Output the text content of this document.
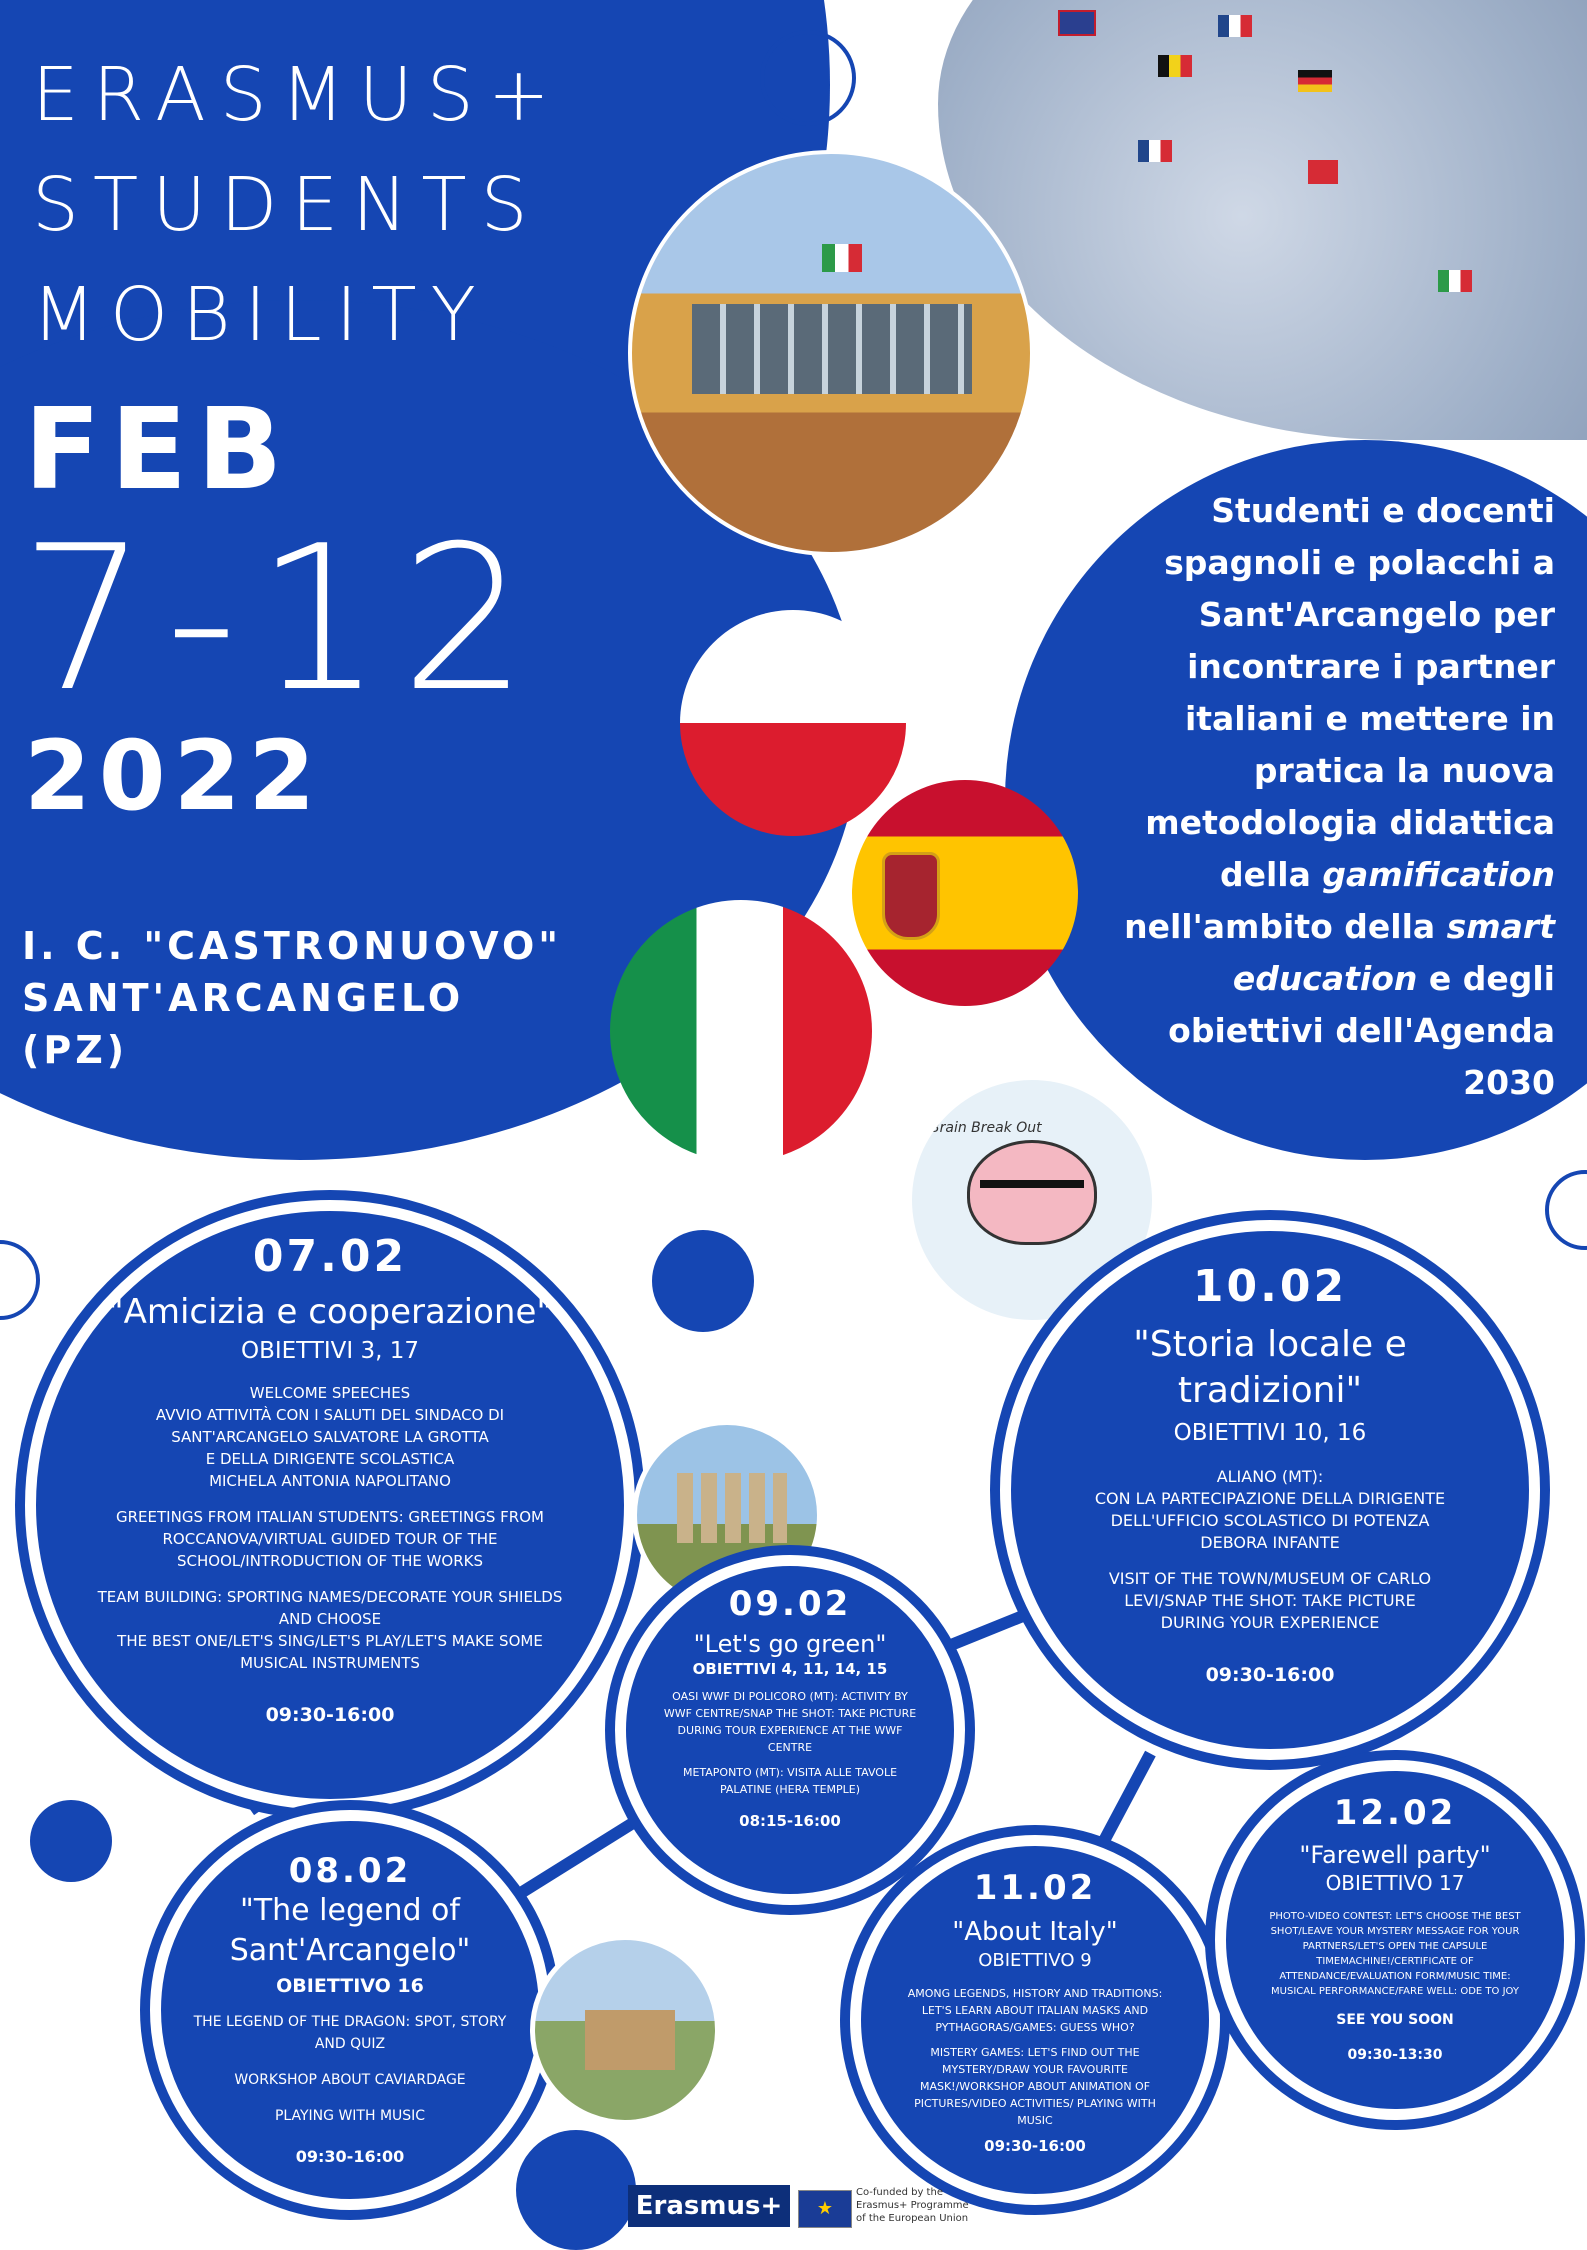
ERASMUS+
STUDENTS
MOBILITY
FEB
7-12
2022
I. C. "CASTRONUOVO" SANT'ARCANGELO (PZ)
Brain Break Out
Studenti e docenti spagnoli e polacchi a Sant'Arcangelo per incontrare i partner italiani e mettere in pratica la nuova metodologia didattica della gamification nell'ambito della smart education e degli obiettivi dell'Agenda 2030
07.02
"Amicizia e cooperazione"
OBIETTIVI 3, 17
WELCOME SPEECHES
AVVIO ATTIVITÀ CON I SALUTI DEL SINDACO DI SANT'ARCANGELO SALVATORE LA GROTTA
E DELLA DIRIGENTE SCOLASTICA
MICHELA ANTONIA NAPOLITANO
GREETINGS FROM ITALIAN STUDENTS: GREETINGS FROM ROCCANOVA/VIRTUAL GUIDED TOUR OF THE SCHOOL/INTRODUCTION OF THE WORKS
TEAM BUILDING: SPORTING NAMES/DECORATE YOUR SHIELDS AND CHOOSE
THE BEST ONE/LET'S SING/LET'S PLAY/LET'S MAKE SOME MUSICAL INSTRUMENTS
09:30-16:00
08.02
"The legend of Sant'Arcangelo"
OBIETTIVO 16
THE LEGEND OF THE DRAGON: SPOT, STORY AND QUIZ
WORKSHOP ABOUT CAVIARDAGE
PLAYING WITH MUSIC
09:30-16:00
09.02
"Let's go green"
OBIETTIVI 4, 11, 14, 15
OASI WWF DI POLICORO (MT): ACTIVITY BY WWF CENTRE/SNAP THE SHOT: TAKE PICTURE DURING TOUR EXPERIENCE AT THE WWF CENTRE
METAPONTO (MT): VISITA ALLE TAVOLE PALATINE (HERA TEMPLE)
08:15-16:00
10.02
"Storia locale e tradizioni"
OBIETTIVI 10, 16
ALIANO (MT):
CON LA PARTECIPAZIONE DELLA DIRIGENTE DELL'UFFICIO SCOLASTICO DI POTENZA
DEBORA INFANTE
VISIT OF THE TOWN/MUSEUM OF CARLO LEVI/SNAP THE SHOT: TAKE PICTURE DURING YOUR EXPERIENCE
09:30-16:00
11.02
"About Italy"
OBIETTIVO 9
AMONG LEGENDS, HISTORY AND TRADITIONS: LET'S LEARN ABOUT ITALIAN MASKS AND PYTHAGORAS/GAMES: GUESS WHO?
MISTERY GAMES: LET'S FIND OUT THE MYSTERY/DRAW YOUR FAVOURITE MASK!/WORKSHOP ABOUT ANIMATION OF PICTURES/VIDEO ACTIVITIES/ PLAYING WITH MUSIC
09:30-16:00
12.02
"Farewell party"
OBIETTIVO 17
PHOTO-VIDEO CONTEST: LET'S CHOOSE THE BEST SHOT/LEAVE YOUR MYSTERY MESSAGE FOR YOUR PARTNERS/LET'S OPEN THE CAPSULE TIMEMACHINE!/CERTIFICATE OF ATTENDANCE/EVALUATION FORM/MUSIC TIME: MUSICAL PERFORMANCE/FARE WELL: ODE TO JOY
SEE YOU SOON
09:30-13:30
Erasmus+	★
Co-funded by the
Erasmus+ Programme
of the European Union
